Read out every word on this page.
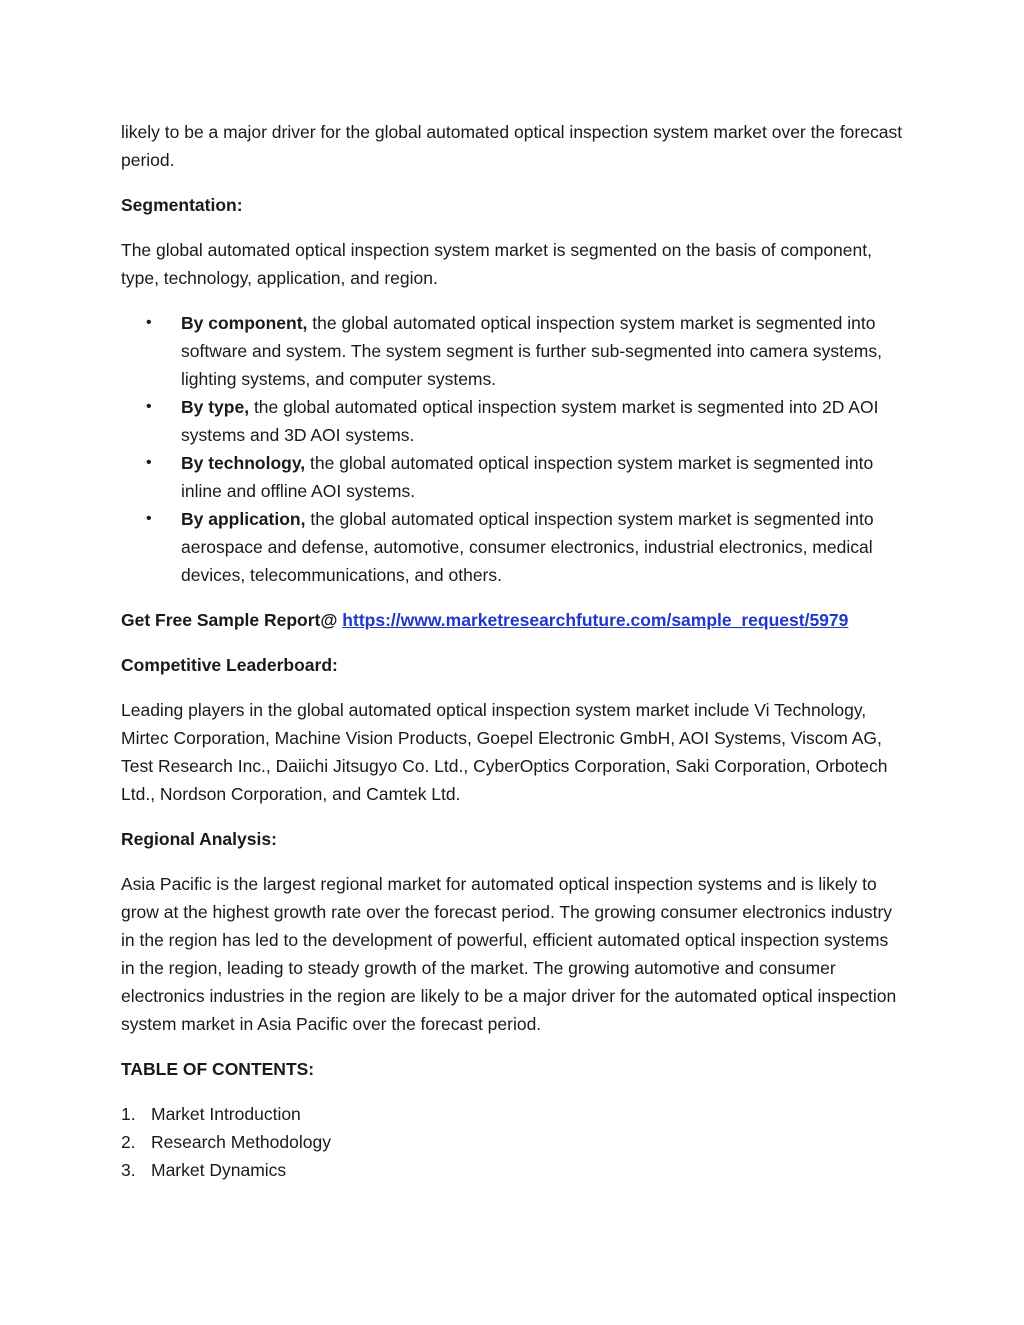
likely to be a major driver for the global automated optical inspection system market over the forecast period.

Segmentation:

The global automated optical inspection system market is segmented on the basis of component, type, technology, application, and region.

• By component, the global automated optical inspection system market is segmented into software and system. The system segment is further sub-segmented into camera systems, lighting systems, and computer systems.
• By type, the global automated optical inspection system market is segmented into 2D AOI systems and 3D AOI systems.
• By technology, the global automated optical inspection system market is segmented into inline and offline AOI systems.
• By application, the global automated optical inspection system market is segmented into aerospace and defense, automotive, consumer electronics, industrial electronics, medical devices, telecommunications, and others.

Get Free Sample Report@ https://www.marketresearchfuture.com/sample_request/5979

Competitive Leaderboard:

Leading players in the global automated optical inspection system market include Vi Technology, Mirtec Corporation, Machine Vision Products, Goepel Electronic GmbH, AOI Systems, Viscom AG, Test Research Inc., Daiichi Jitsugyo Co. Ltd., CyberOptics Corporation, Saki Corporation, Orbotech Ltd., Nordson Corporation, and Camtek Ltd.

Regional Analysis:

Asia Pacific is the largest regional market for automated optical inspection systems and is likely to grow at the highest growth rate over the forecast period. The growing consumer electronics industry in the region has led to the development of powerful, efficient automated optical inspection systems in the region, leading to steady growth of the market. The growing automotive and consumer electronics industries in the region are likely to be a major driver for the automated optical inspection system market in Asia Pacific over the forecast period.

TABLE OF CONTENTS:

1. Market Introduction
2. Research Methodology
3. Market Dynamics
